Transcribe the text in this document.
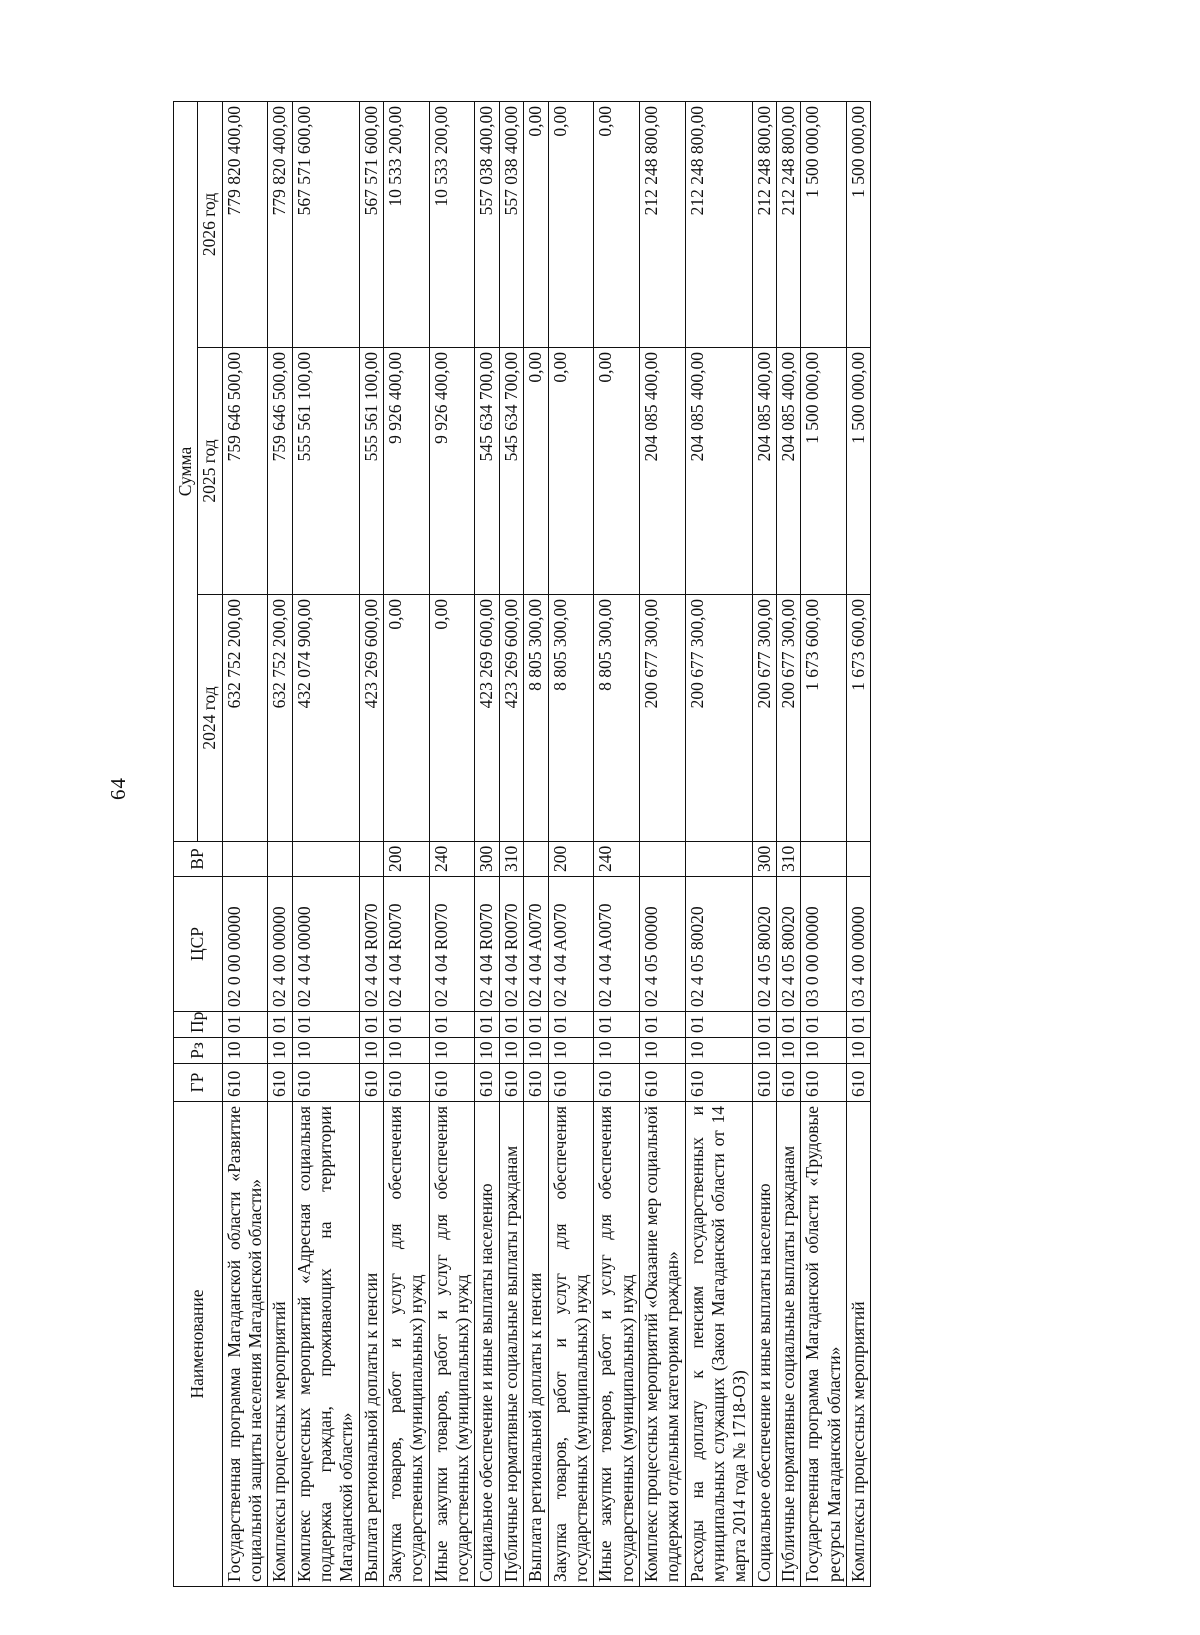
64
Наименование	ГР	Рз	Пр	ЦСР	ВР	Сумма		
						2024 год	2025 год	2026 год
Государственная программа Магаданской области «Развитие социальной защиты населения Магаданской области»	610	10	01	02 0 00 00000		632 752 200,00	759 646 500,00	779 820 400,00
Комплексы процессных мероприятий	610	10	01	02 4 00 00000		632 752 200,00	759 646 500,00	779 820 400,00
Комплекс процессных мероприятий «Адресная социальная поддержка граждан, проживающих на территории Магаданской области»	610	10	01	02 4 04 00000		432 074 900,00	555 561 100,00	567 571 600,00
Выплата региональной доплаты к пенсии	610	10	01	02 4 04 R0070		423 269 600,00	555 561 100,00	567 571 600,00
Закупка товаров, работ и услуг для обеспечения государственных (муниципальных) нужд	610	10	01	02 4 04 R0070	200	0,00	9 926 400,00	10 533 200,00
Иные закупки товаров, работ и услуг для обеспечения государственных (муниципальных) нужд	610	10	01	02 4 04 R0070	240	0,00	9 926 400,00	10 533 200,00
Социальное обеспечение и иные выплаты населению	610	10	01	02 4 04 R0070	300	423 269 600,00	545 634 700,00	557 038 400,00
Публичные нормативные социальные выплаты гражданам	610	10	01	02 4 04 R0070	310	423 269 600,00	545 634 700,00	557 038 400,00
Выплата региональной доплаты к пенсии	610	10	01	02 4 04 A0070		8 805 300,00	0,00	0,00
Закупка товаров, работ и услуг для обеспечения государственных (муниципальных) нужд	610	10	01	02 4 04 A0070	200	8 805 300,00	0,00	0,00
Иные закупки товаров, работ и услуг для обеспечения государственных (муниципальных) нужд	610	10	01	02 4 04 A0070	240	8 805 300,00	0,00	0,00
Комплекс процессных мероприятий «Оказание мер социальной поддержки отдельным категориям граждан»	610	10	01	02 4 05 00000		200 677 300,00	204 085 400,00	212 248 800,00
Расходы на доплату к пенсиям государственных и муниципальных служащих (Закон Магаданской области от 14 марта 2014 года № 1718-ОЗ)	610	10	01	02 4 05 80020		200 677 300,00	204 085 400,00	212 248 800,00
Социальное обеспечение и иные выплаты населению	610	10	01	02 4 05 80020	300	200 677 300,00	204 085 400,00	212 248 800,00
Публичные нормативные социальные выплаты гражданам	610	10	01	02 4 05 80020	310	200 677 300,00	204 085 400,00	212 248 800,00
Государственная программа Магаданской области «Трудовые ресурсы Магаданской области»	610	10	01	03 0 00 00000		1 673 600,00	1 500 000,00	1 500 000,00
Комплексы процессных мероприятий	610	10	01	03 4 00 00000		1 673 600,00	1 500 000,00	1 500 000,00
